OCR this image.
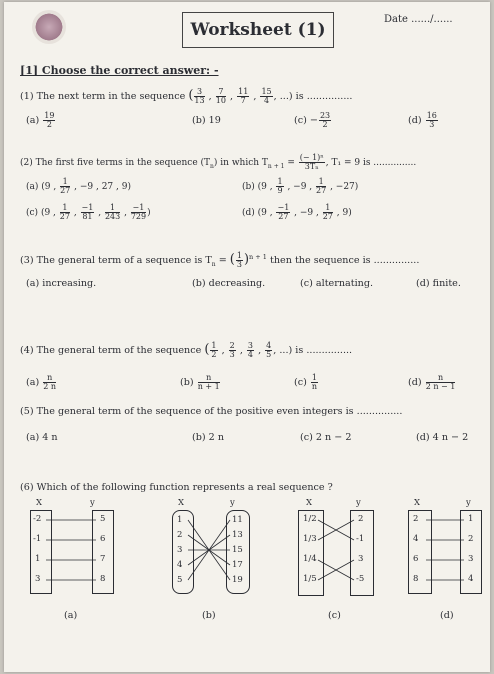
Worksheet (1)
Date ....../......
[1] Choose the correct answer: -
(1) The next term in the sequence ( $\frac{3}{13}$ , $\frac{7}{10}$ , $\frac{11}{7}$ , $\frac{15}{4}$ , ...) is ...............
$(a) \frac{19}{2}$	(b) 19	$(c) - \frac{23}{2}$	$(d) \frac{16}{3}$
(2) The first five terms in the sequence $(T_n)$ in which $T_{n + 1} = \frac{\text{(− 1)ⁿ}}{\text{3Tₙ}}$ , T₁ = 9 is ...............
(a) (9 , $\frac{1}{27}$ , −9 , 27 , 9)	(b) (9 , $\frac{1}{9}$ , −9 , $\frac{1}{27}$ , −27)
(c) (9 , $\frac{1}{27}$ , $\frac{-1}{81}$ , $\frac{1}{243}$ , $\frac{-1}{729}$ )	(d) (9 , $\frac{-1}{27}$ , −9 , $\frac{1}{27}$ , 9)
(3) The general term of a sequence is $T_n$ = ( $\frac{1}{3} )^{n + 1}$ then the sequence is ...............
(a) increasing.	(b) decreasing.	(c) alternating.	(d) finite.
(4) The general term of the sequence ( $\frac{1}{2}$ , $\frac{2}{3}$ , $\frac{3}{4}$ , $\frac{4}{5}$ , ...) is ...............
$(a) \frac{n}{2 n}$	$(b) \frac{n}{n + 1}$	$(c) \frac{1}{n}$	$(d) \frac{n}{2 n - 1}$
(5) The general term of the sequence of the positive even integers is ...............
(a) 4 n	(b) 2 n	(c) 2 n − 2	(d) 4 n − 2
(6) Which of the following function represents a real sequence ?
X	y
-2
-1
1
3
5
6
7
8
X	y
1
2
3
4
5
11
13
15
17
19
X	y
1/2
1/3
1/4
1/5
2
-1
3
-5
X	y
2
4
6
8
1
2
3
4
(a)	(b)	(c)	(d)
